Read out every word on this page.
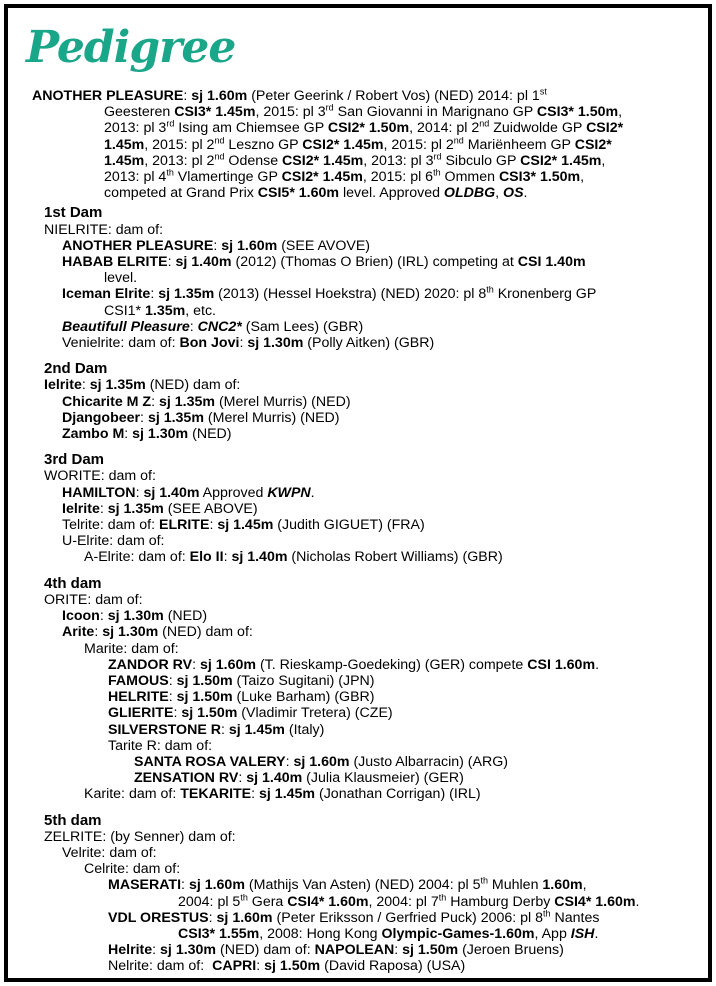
Pedigree
ANOTHER PLEASURE: sj 1.60m (Peter Geerink / Robert Vos) (NED) 2014: pl 1st
Geesteren CSI3* 1.45m, 2015: pl 3rd San Giovanni in Marignano GP CSI3* 1.50m,
2013: pl 3rd Ising am Chiemsee GP CSI2* 1.50m, 2014: pl 2nd Zuidwolde GP CSI2*
1.45m, 2015: pl 2nd Leszno GP CSI2* 1.45m, 2015: pl 2nd Mariënheem GP CSI2*
1.45m, 2013: pl 2nd Odense CSI2* 1.45m, 2013: pl 3rd Sibculo GP CSI2* 1.45m,
2013: pl 4th Vlamertinge GP CSI2* 1.45m, 2015: pl 6th Ommen CSI3* 1.50m,
competed at Grand Prix CSI5* 1.60m level. Approved OLDBG, OS.
1st Dam
NIELRITE: dam of:
ANOTHER PLEASURE: sj 1.60m (SEE AVOVE)
HABAB ELRITE: sj 1.40m (2012) (Thomas O Brien) (IRL) competing at CSI 1.40m
level.
Iceman Elrite: sj 1.35m (2013) (Hessel Hoekstra) (NED) 2020: pl 8th Kronenberg GP
CSI1* 1.35m, etc.
Beautifull Pleasure: CNC2* (Sam Lees) (GBR)
Venielrite: dam of: Bon Jovi: sj 1.30m (Polly Aitken) (GBR)
2nd Dam
Ielrite: sj 1.35m (NED) dam of:
Chicarite M Z: sj 1.35m (Merel Murris) (NED)
Djangobeer: sj 1.35m (Merel Murris) (NED)
Zambo M: sj 1.30m (NED)
3rd Dam
WORITE: dam of:
HAMILTON: sj 1.40m Approved KWPN.
Ielrite: sj 1.35m (SEE ABOVE)
Telrite: dam of: ELRITE: sj 1.45m (Judith GIGUET) (FRA)
U-Elrite: dam of:
A-Elrite: dam of: Elo II: sj 1.40m (Nicholas Robert Williams) (GBR)
4th dam
ORITE: dam of:
Icoon: sj 1.30m (NED)
Arite: sj 1.30m (NED) dam of:
Marite: dam of:
ZANDOR RV: sj 1.60m (T. Rieskamp-Goedeking) (GER) compete CSI 1.60m.
FAMOUS: sj 1.50m (Taizo Sugitani) (JPN)
HELRITE: sj 1.50m (Luke Barham) (GBR)
GLIERITE: sj 1.50m (Vladimir Tretera) (CZE)
SILVERSTONE R: sj 1.45m (Italy)
Tarite R: dam of:
SANTA ROSA VALERY: sj 1.60m (Justo Albarracin) (ARG)
ZENSATION RV: sj 1.40m (Julia Klausmeier) (GER)
Karite: dam of: TEKARITE: sj 1.45m (Jonathan Corrigan) (IRL)
5th dam
ZELRITE: (by Senner) dam of:
Velrite: dam of:
Celrite: dam of:
MASERATI: sj 1.60m (Mathijs Van Asten) (NED) 2004: pl 5th Muhlen 1.60m,
2004: pl 5th Gera CSI4* 1.60m, 2004: pl 7th Hamburg Derby CSI4* 1.60m.
VDL ORESTUS: sj 1.60m (Peter Eriksson / Gerfried Puck) 2006: pl 8th Nantes
CSI3* 1.55m, 2008: Hong Kong Olympic-Games-1.60m, App ISH.
Helrite: sj 1.30m (NED) dam of: NAPOLEAN: sj 1.50m (Jeroen Bruens)
Nelrite: dam of:  CAPRI: sj 1.50m (David Raposa) (USA)
